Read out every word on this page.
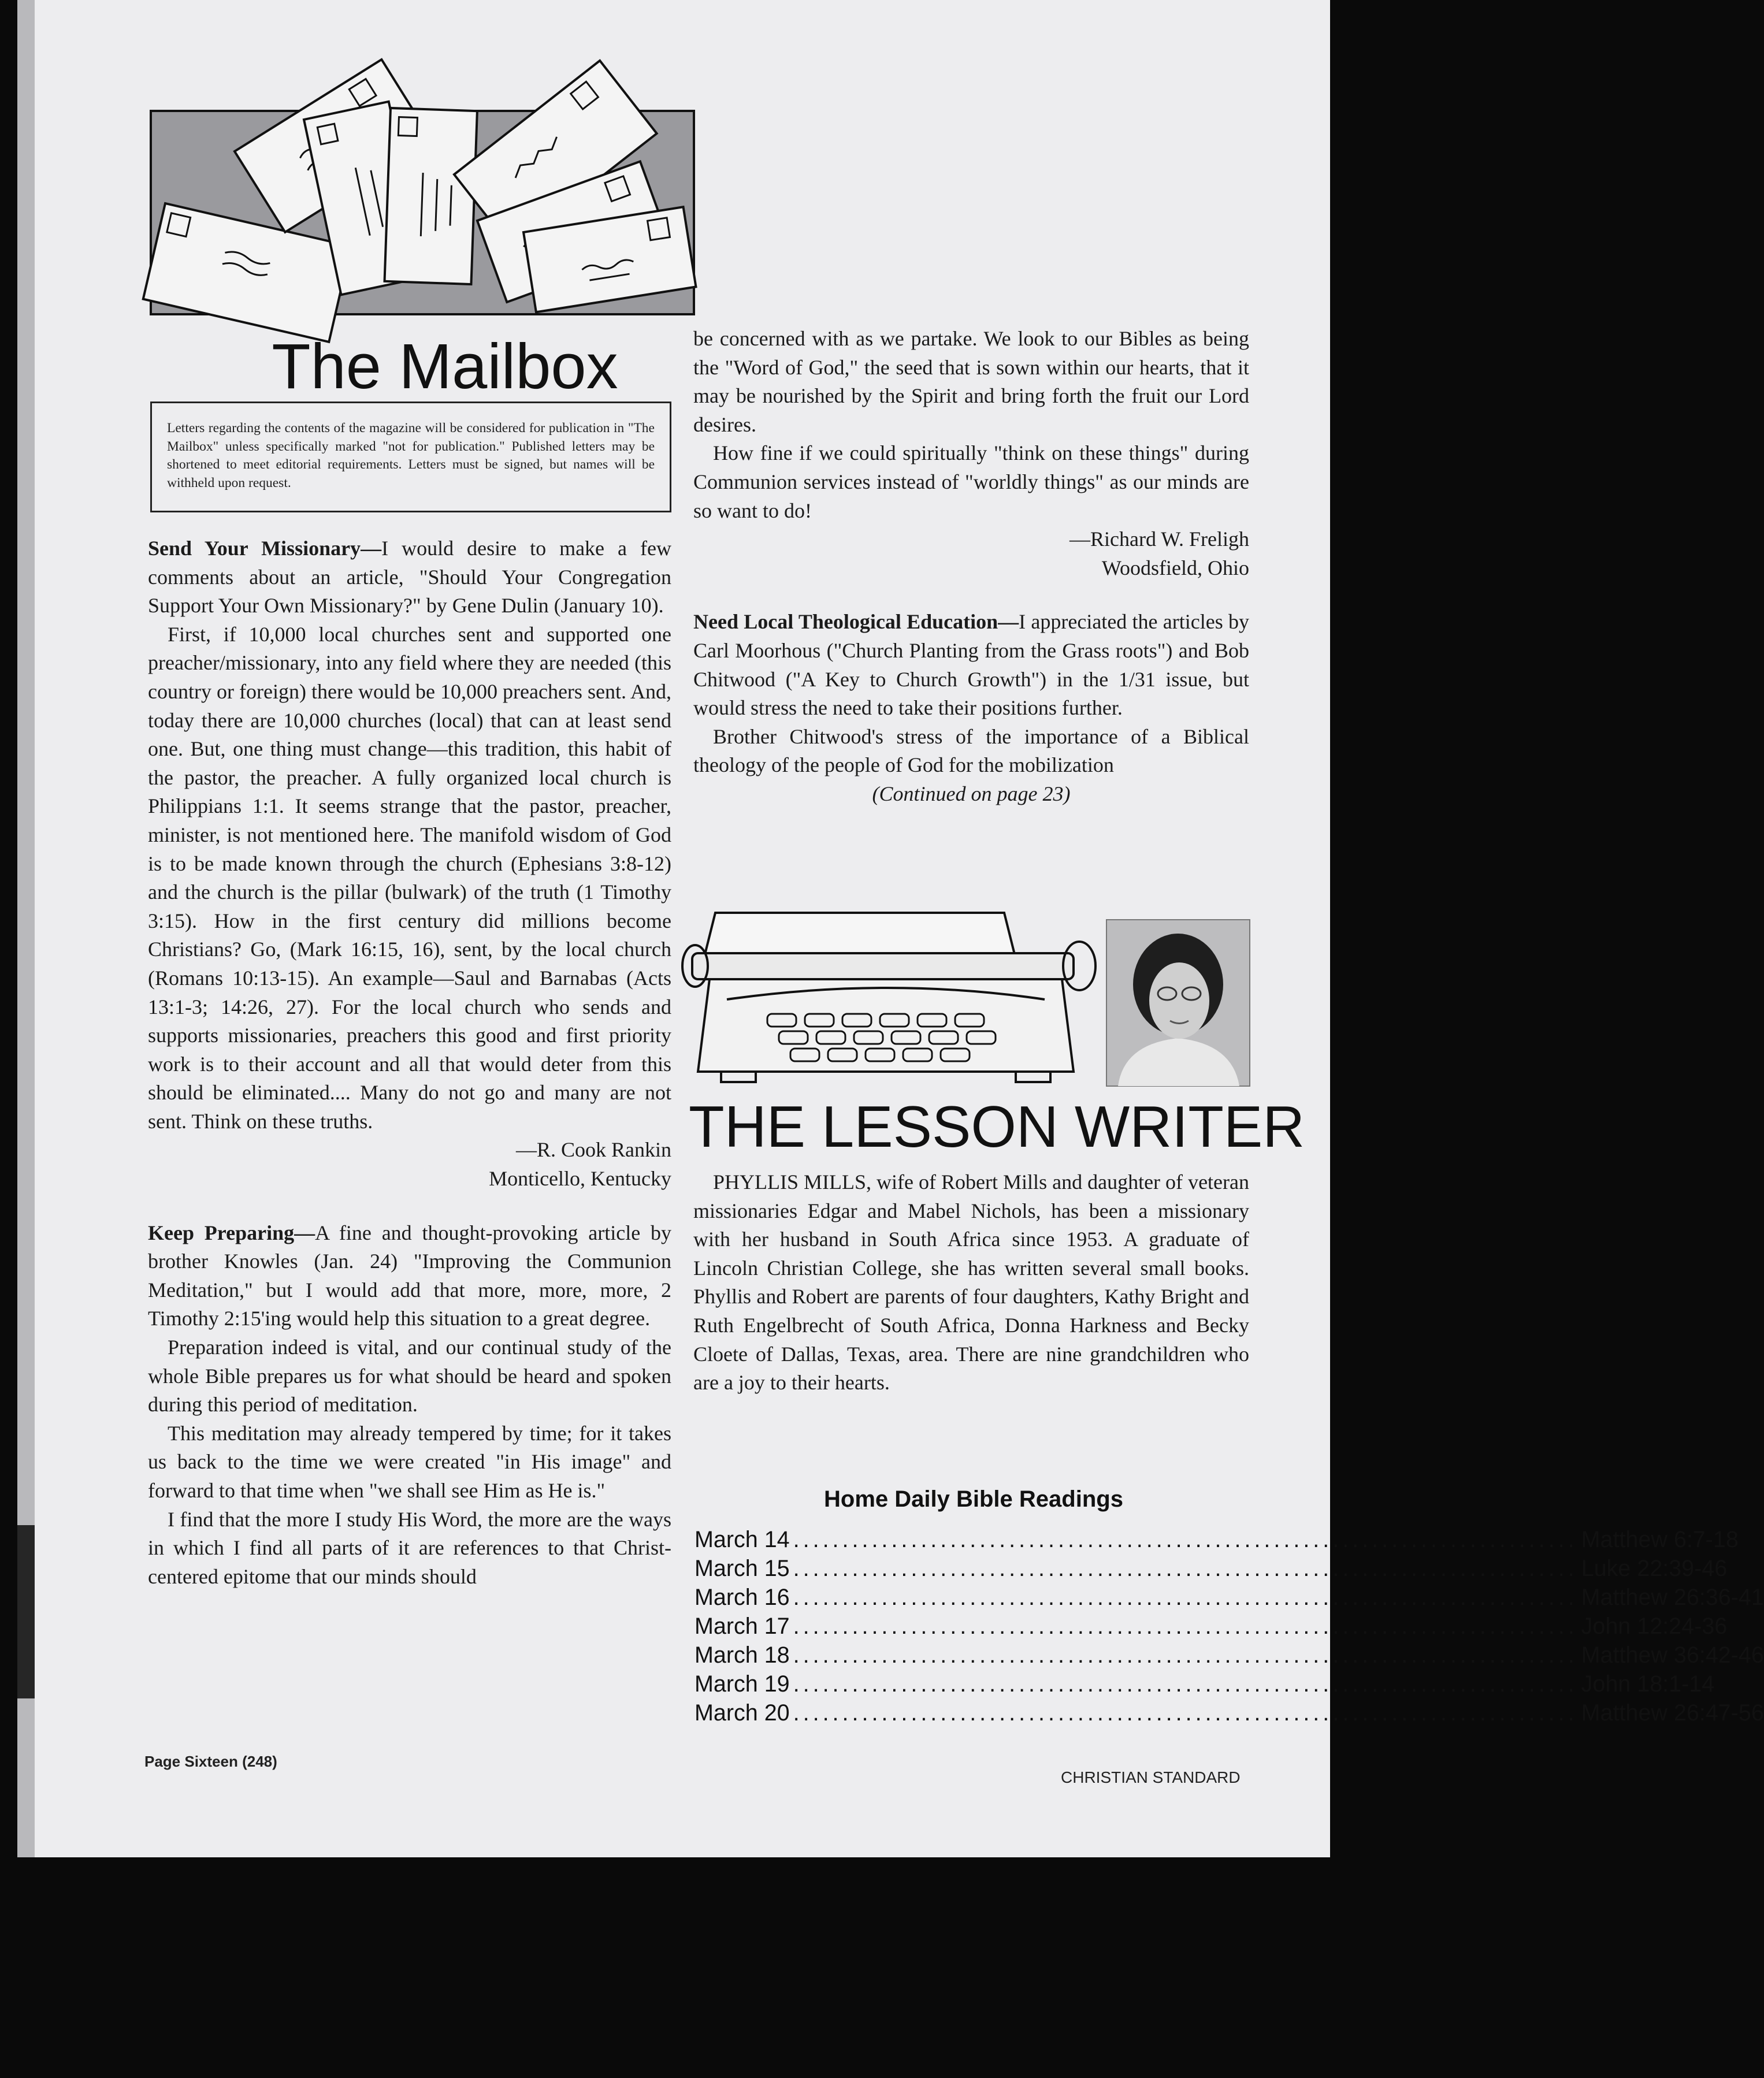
The Mailbox
Letters regarding the contents of the magazine will be considered for publication in "The Mailbox" unless specifically marked "not for publication." Published letters may be shortened to meet editorial requirements. Letters must be signed, but names will be withheld upon request.

Send Your Missionary—I would desire to make a few comments about an article, "Should Your Congregation Support Your Own Missionary?" by Gene Dulin (January 10).

First, if 10,000 local churches sent and supported one preacher/missionary, into any field where they are needed (this country or foreign) there would be 10,000 preachers sent. And, today there are 10,000 churches (local) that can at least send one. But, one thing must change—this tradition, this habit of the pastor, the preacher. A fully organized local church is Philippians 1:1. It seems strange that the pastor, preacher, minister, is not mentioned here. The manifold wisdom of God is to be made known through the church (Ephesians 3:8-12) and the church is the pillar (bulwark) of the truth (1 Timothy 3:15). How in the first century did millions become Christians? Go, (Mark 16:15, 16), sent, by the local church (Romans 10:13-15). An example—Saul and Barnabas (Acts 13:1-3; 14:26, 27). For the local church who sends and supports missionaries, preachers this good and first priority work is to their account and all that would deter from this should be eliminated.... Many do not go and many are not sent. Think on these truths.

—R. Cook Rankin

Monticello, Kentucky

Keep Preparing—A fine and thought-provoking article by brother Knowles (Jan. 24) "Improving the Communion Meditation," but I would add that more, more, more, 2 Timothy 2:15'ing would help this situation to a great degree.

Preparation indeed is vital, and our continual study of the whole Bible prepares us for what should be heard and spoken during this period of meditation.

This meditation may already tempered by time; for it takes us back to the time we were created "in His image" and forward to that time when "we shall see Him as He is."

I find that the more I study His Word, the more are the ways in which I find all parts of it are references to that Christ-centered epitome that our minds should

be concerned with as we partake. We look to our Bibles as being the "Word of God," the seed that is sown within our hearts, that it may be nourished by the Spirit and bring forth the fruit our Lord desires.

How fine if we could spiritually "think on these things" during Communion services instead of "worldly things" as our minds are so want to do!

—Richard W. Freligh

Woodsfield, Ohio

Need Local Theological Education—I appreciated the articles by Carl Moorhous ("Church Planting from the Grass roots") and Bob Chitwood ("A Key to Church Growth") in the 1/31 issue, but would stress the need to take their positions further.

Brother Chitwood's stress of the importance of a Biblical theology of the people of God for the mobilization

(Continued on page 23)

THE LESSON WRITER

PHYLLIS MILLS, wife of Robert Mills and daughter of veteran missionaries Edgar and Mabel Nichols, has been a missionary with her husband in South Africa since 1953. A graduate of Lincoln Christian College, she has written several small books. Phyllis and Robert are parents of four daughters, Kathy Bright and Ruth Engelbrecht of South Africa, Donna Harkness and Becky Cloete of Dallas, Texas, area. There are nine grandchildren who are a joy to their hearts.

Home Daily Bible Readings
March 14 ................................................................................ Matthew 6:7-18
March 15 ................................................................................ Luke 22:39-46
March 16 ................................................................................ Matthew 26:36-41
March 17 ................................................................................ John 12:24-36
March 18 ................................................................................ Matthew 36:42-46
March 19 ................................................................................ John 18:1-14
March 20 ................................................................................ Matthew 26:47-56
Page Sixteen (248)
CHRISTIAN STANDARD
